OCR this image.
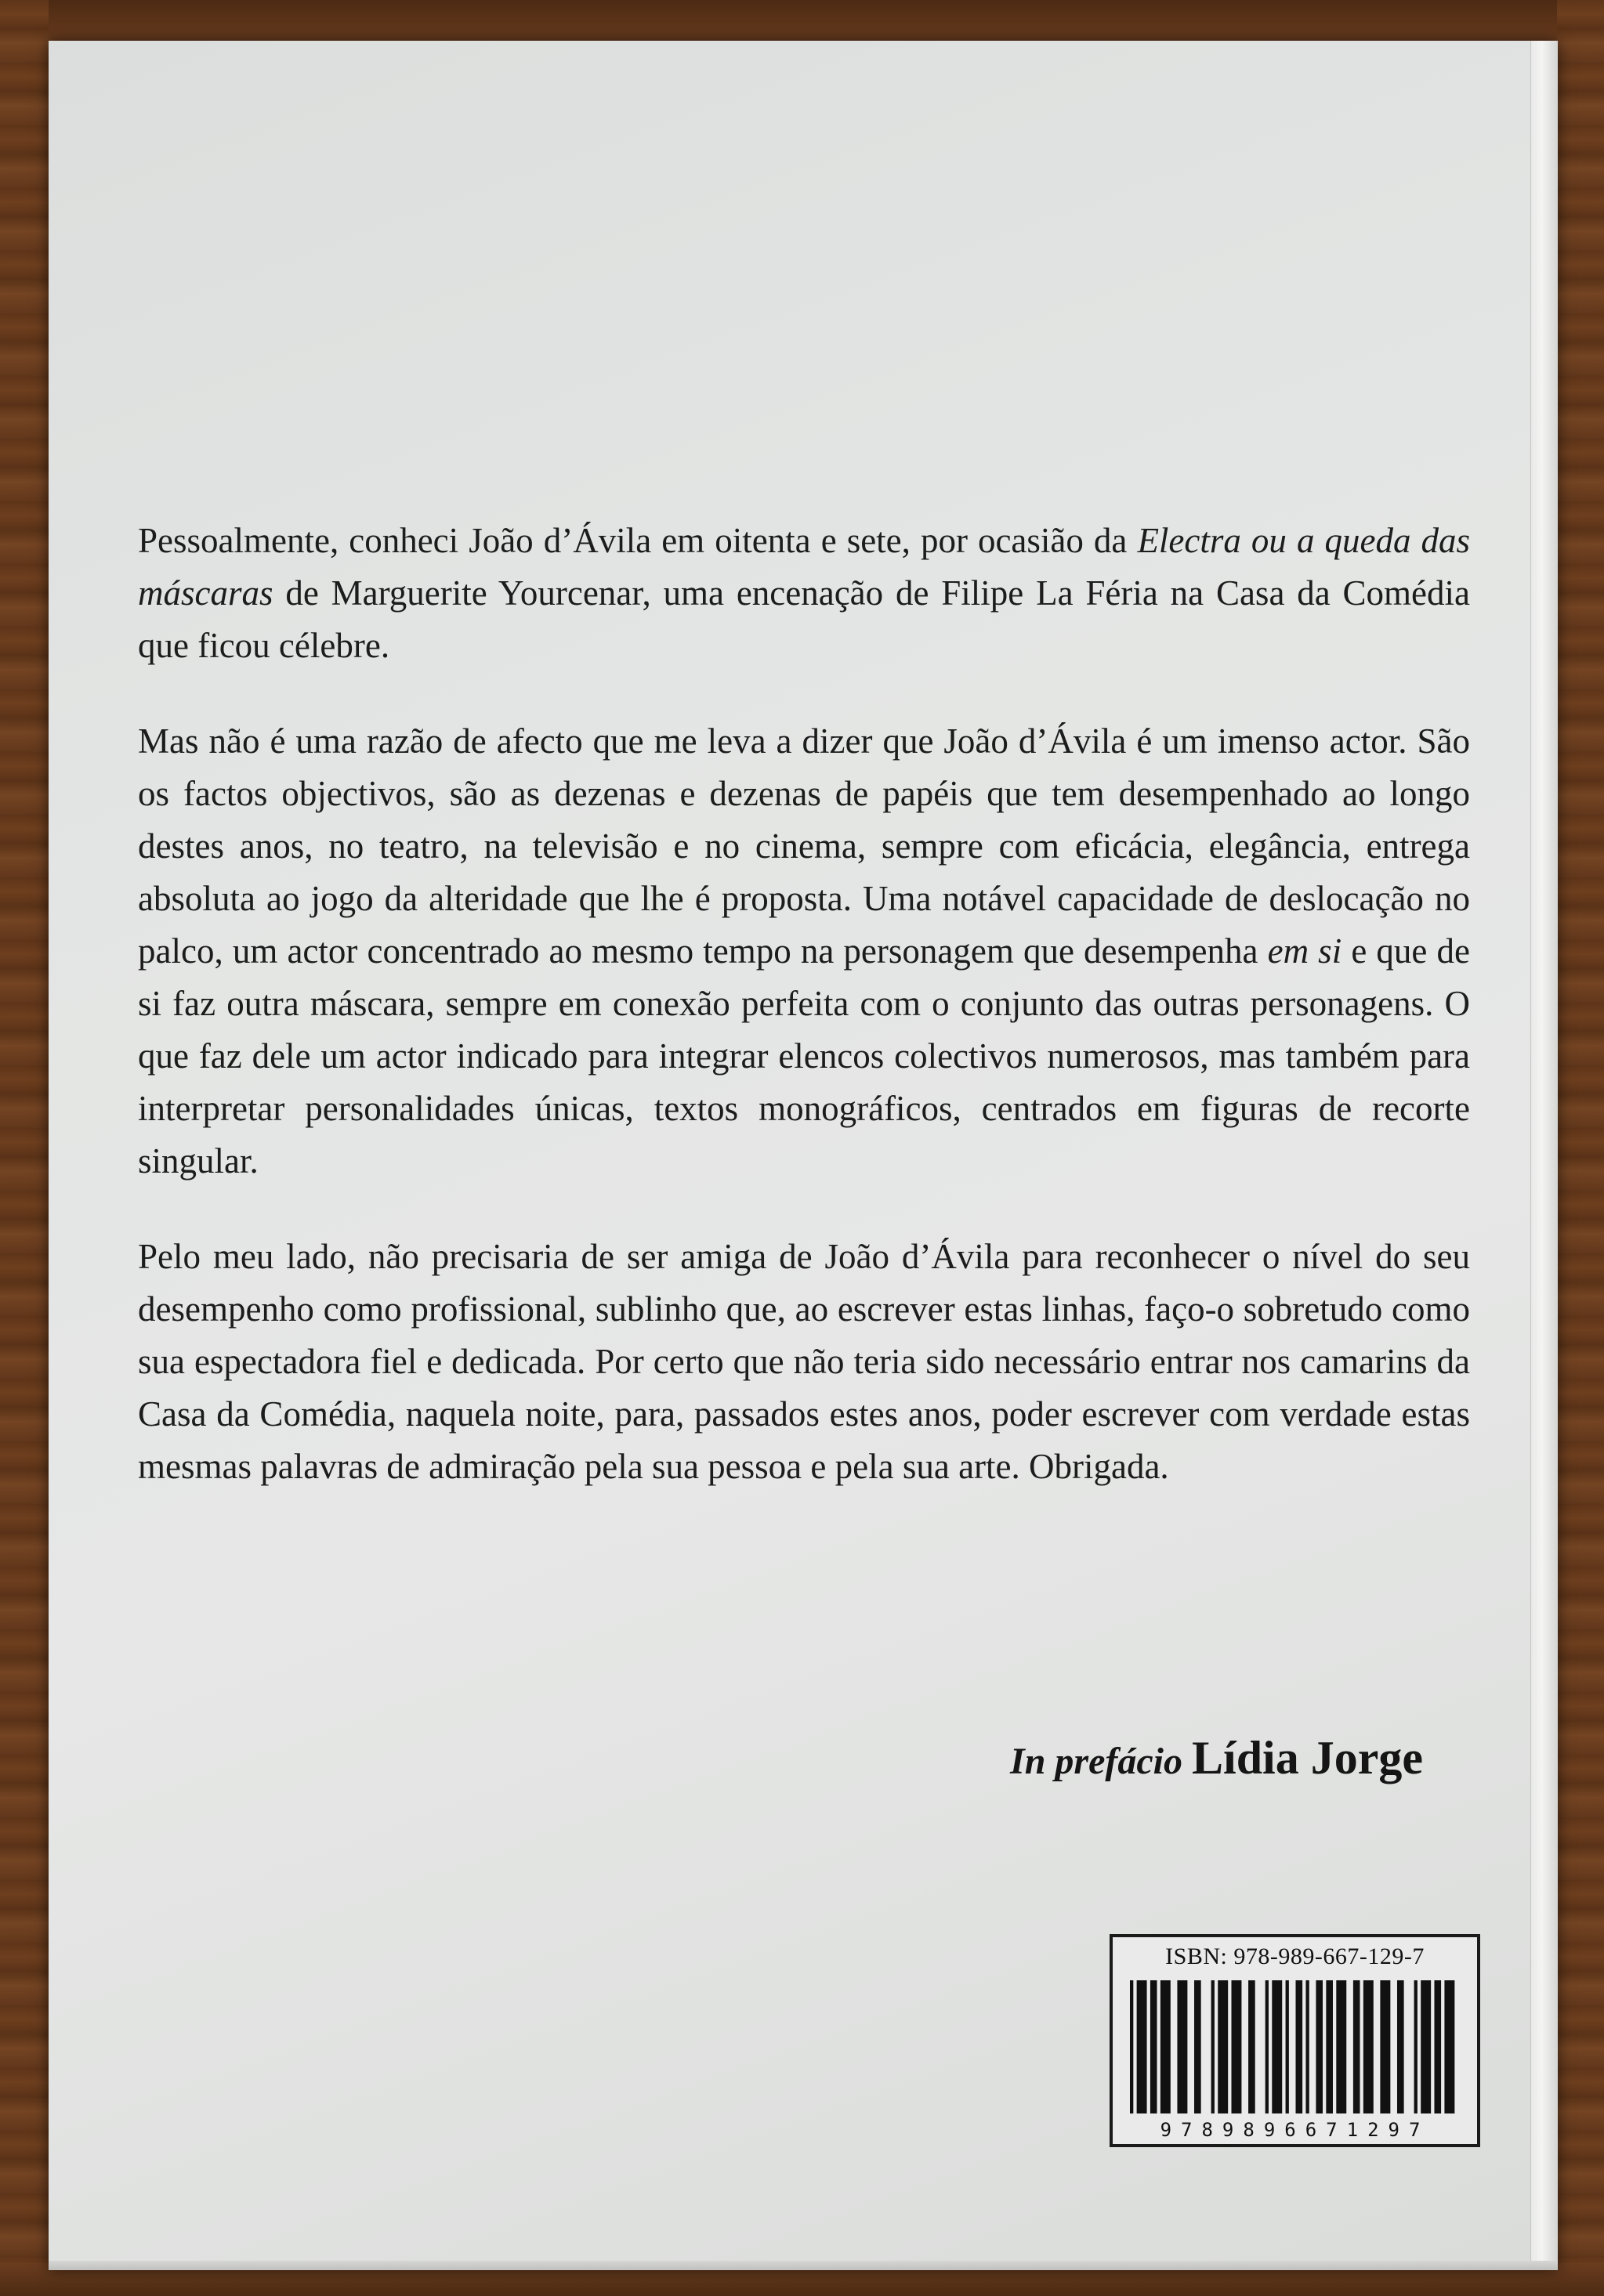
Pessoalmente, conheci João d’Ávila em oitenta e sete, por ocasião da Electra ou a queda das máscaras de Marguerite Yourcenar, uma encenação de Filipe La Féria na Casa da Comédia que ficou célebre.

Mas não é uma razão de afecto que me leva a dizer que João d’Ávila é um imenso actor. São os factos objectivos, são as dezenas e dezenas de papéis que tem desempenhado ao longo destes anos, no teatro, na televisão e no cinema, sempre com eficácia, elegância, entrega absoluta ao jogo da alteridade que lhe é proposta. Uma notável capacidade de deslocação no palco, um actor concentrado ao mesmo tempo na personagem que desempenha em si e que de si faz outra máscara, sempre em conexão perfeita com o conjunto das outras personagens. O que faz dele um actor indicado para integrar elencos colectivos numerosos, mas também para interpretar personalidades únicas, textos monográficos, centrados em figuras de recorte singular.

Pelo meu lado, não precisaria de ser amiga de João d’Ávila para reconhecer o nível do seu desempenho como profissional, sublinho que, ao escrever estas linhas, faço-o sobretudo como sua espectadora fiel e dedicada. Por certo que não teria sido necessário entrar nos camarins da Casa da Comédia, naquela noite, para, passados estes anos, poder escrever com verdade estas mesmas palavras de admiração pela sua pessoa e pela sua arte. Obrigada.

In prefácio Lídia Jorge
ISBN: 978-989-667-129-7
9789896671297
